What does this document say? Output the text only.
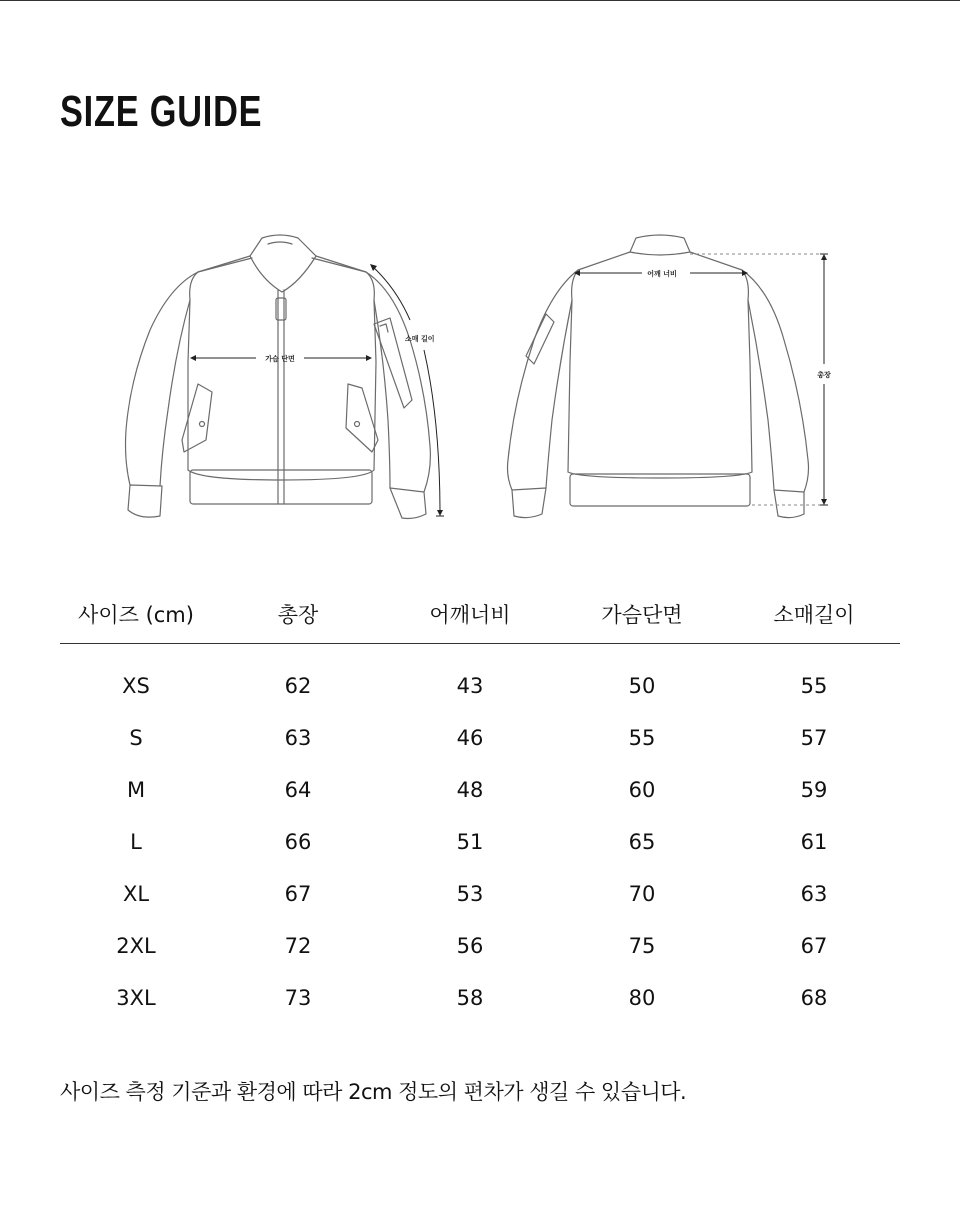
SIZE GUIDE
가슴 단면
소매 길이
어깨 너비
총장
사이즈 (cm)	총장	어깨너비	가슴단면	소매길이
XS	62	43	50	55
S	63	46	55	57
M	64	48	60	59
L	66	51	65	61
XL	67	53	70	63
2XL	72	56	75	67
3XL	73	58	80	68

사이즈 측정 기준과 환경에 따라 2cm 정도의 편차가 생길 수 있습니다.
